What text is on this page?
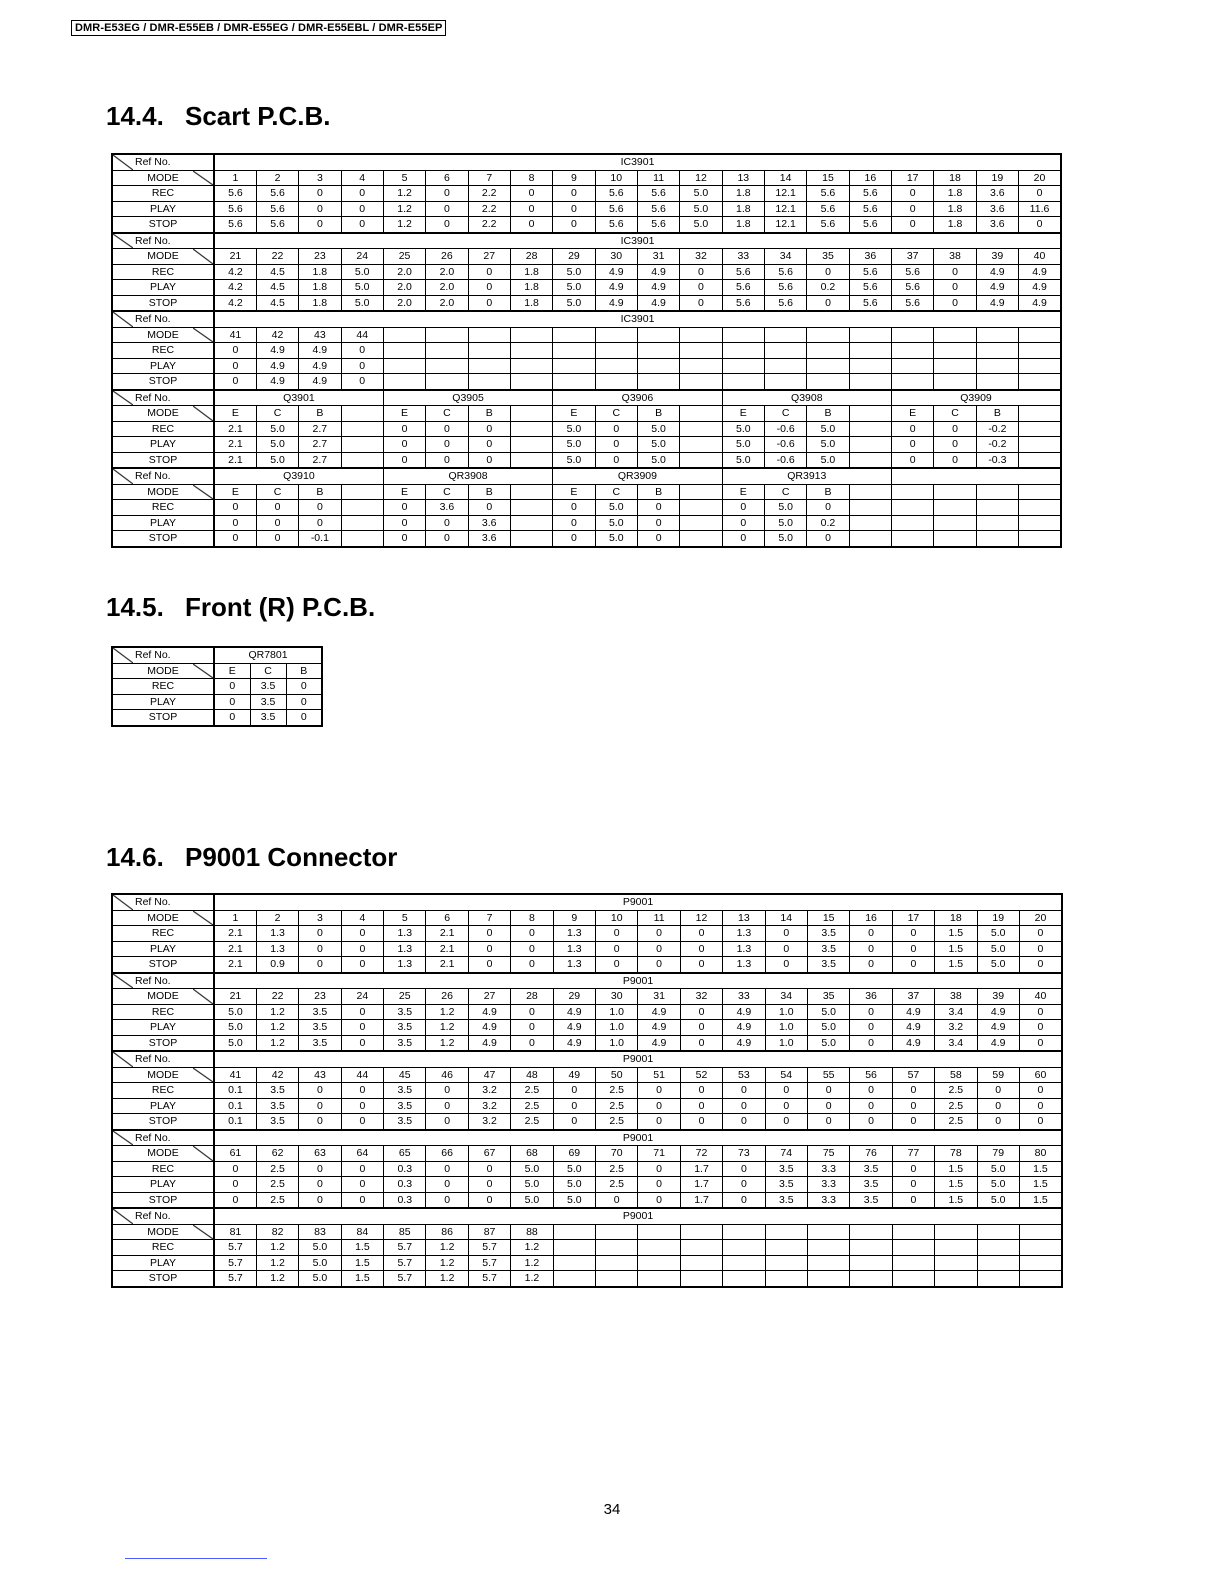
DMR-E53EG / DMR-E55EB / DMR-E55EG / DMR-E55EBL / DMR-E55EP
14.4. Scart P.C.B.
Ref No.	IC3901																			
MODE	1	2	3	4	5	6	7	8	9	10	11	12	13	14	15	16	17	18	19	20
REC	5.6	5.6	0	0	1.2	0	2.2	0	0	5.6	5.6	5.0	1.8	12.1	5.6	5.6	0	1.8	3.6	0
PLAY	5.6	5.6	0	0	1.2	0	2.2	0	0	5.6	5.6	5.0	1.8	12.1	5.6	5.6	0	1.8	3.6	11.6
STOP	5.6	5.6	0	0	1.2	0	2.2	0	0	5.6	5.6	5.0	1.8	12.1	5.6	5.6	0	1.8	3.6	0
Ref No.	IC3901																			
MODE	21	22	23	24	25	26	27	28	29	30	31	32	33	34	35	36	37	38	39	40
REC	4.2	4.5	1.8	5.0	2.0	2.0	0	1.8	5.0	4.9	4.9	0	5.6	5.6	0	5.6	5.6	0	4.9	4.9
PLAY	4.2	4.5	1.8	5.0	2.0	2.0	0	1.8	5.0	4.9	4.9	0	5.6	5.6	0.2	5.6	5.6	0	4.9	4.9
STOP	4.2	4.5	1.8	5.0	2.0	2.0	0	1.8	5.0	4.9	4.9	0	5.6	5.6	0	5.6	5.6	0	4.9	4.9
Ref No.	IC3901																			
MODE	41	42	43	44																
REC	0	4.9	4.9	0																
PLAY	0	4.9	4.9	0																
STOP	0	4.9	4.9	0																
Ref No.	Q3901				Q3905				Q3906				Q3908				Q3909			
MODE	E	C	B		E	C	B		E	C	B		E	C	B		E	C	B	
REC	2.1	5.0	2.7		0	0	0		5.0	0	5.0		5.0	-0.6	5.0		0	0	-0.2	
PLAY	2.1	5.0	2.7		0	0	0		5.0	0	5.0		5.0	-0.6	5.0		0	0	-0.2	
STOP	2.1	5.0	2.7		0	0	0		5.0	0	5.0		5.0	-0.6	5.0		0	0	-0.3	
Ref No.	Q3910				QR3908				QR3909				QR3913							
MODE	E	C	B		E	C	B		E	C	B		E	C	B					
REC	0	0	0		0	3.6	0		0	5.0	0		0	5.0	0					
PLAY	0	0	0		0	0	3.6		0	5.0	0		0	5.0	0.2					
STOP	0	0	-0.1		0	0	3.6		0	5.0	0		0	5.0	0					
14.5. Front (R) P.C.B.
Ref No.	QR7801		
MODE	E	C	B
REC	0	3.5	0
PLAY	0	3.5	0
STOP	0	3.5	0
14.6. P9001 Connector
Ref No.	P9001																			
MODE	1	2	3	4	5	6	7	8	9	10	11	12	13	14	15	16	17	18	19	20
REC	2.1	1.3	0	0	1.3	2.1	0	0	1.3	0	0	0	1.3	0	3.5	0	0	1.5	5.0	0
PLAY	2.1	1.3	0	0	1.3	2.1	0	0	1.3	0	0	0	1.3	0	3.5	0	0	1.5	5.0	0
STOP	2.1	0.9	0	0	1.3	2.1	0	0	1.3	0	0	0	1.3	0	3.5	0	0	1.5	5.0	0
Ref No.	P9001																			
MODE	21	22	23	24	25	26	27	28	29	30	31	32	33	34	35	36	37	38	39	40
REC	5.0	1.2	3.5	0	3.5	1.2	4.9	0	4.9	1.0	4.9	0	4.9	1.0	5.0	0	4.9	3.4	4.9	0
PLAY	5.0	1.2	3.5	0	3.5	1.2	4.9	0	4.9	1.0	4.9	0	4.9	1.0	5.0	0	4.9	3.2	4.9	0
STOP	5.0	1.2	3.5	0	3.5	1.2	4.9	0	4.9	1.0	4.9	0	4.9	1.0	5.0	0	4.9	3.4	4.9	0
Ref No.	P9001																			
MODE	41	42	43	44	45	46	47	48	49	50	51	52	53	54	55	56	57	58	59	60
REC	0.1	3.5	0	0	3.5	0	3.2	2.5	0	2.5	0	0	0	0	0	0	0	2.5	0	0
PLAY	0.1	3.5	0	0	3.5	0	3.2	2.5	0	2.5	0	0	0	0	0	0	0	2.5	0	0
STOP	0.1	3.5	0	0	3.5	0	3.2	2.5	0	2.5	0	0	0	0	0	0	0	2.5	0	0
Ref No.	P9001																			
MODE	61	62	63	64	65	66	67	68	69	70	71	72	73	74	75	76	77	78	79	80
REC	0	2.5	0	0	0.3	0	0	5.0	5.0	2.5	0	1.7	0	3.5	3.3	3.5	0	1.5	5.0	1.5
PLAY	0	2.5	0	0	0.3	0	0	5.0	5.0	2.5	0	1.7	0	3.5	3.3	3.5	0	1.5	5.0	1.5
STOP	0	2.5	0	0	0.3	0	0	5.0	5.0	0	0	1.7	0	3.5	3.3	3.5	0	1.5	5.0	1.5
Ref No.	P9001																			
MODE	81	82	83	84	85	86	87	88												
REC	5.7	1.2	5.0	1.5	5.7	1.2	5.7	1.2												
PLAY	5.7	1.2	5.0	1.5	5.7	1.2	5.7	1.2												
STOP	5.7	1.2	5.0	1.5	5.7	1.2	5.7	1.2												
34
